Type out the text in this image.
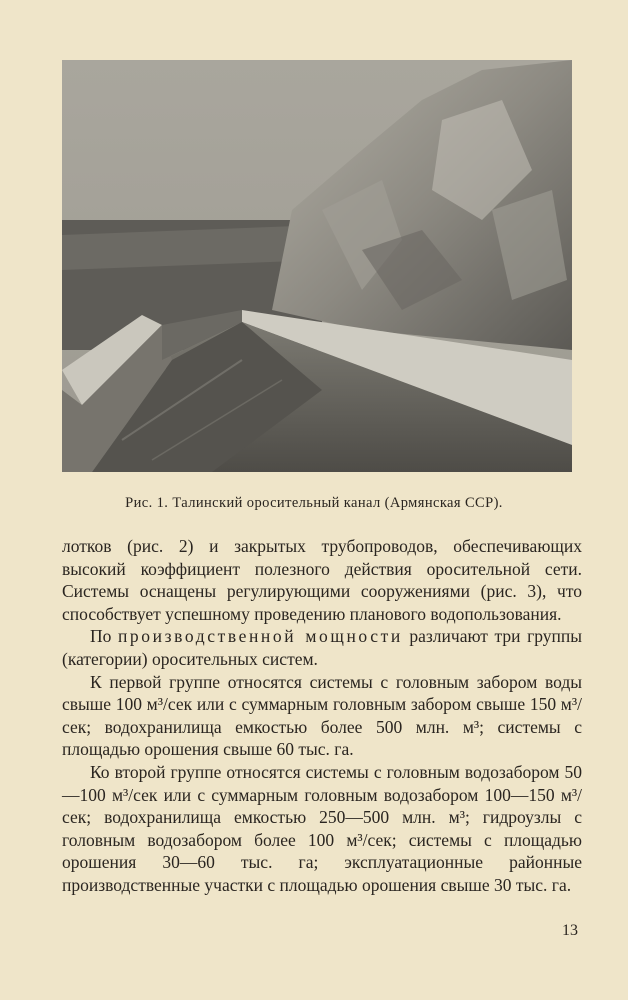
Рис. 1. Талинский оросительный канал (Армянская ССР).

лотков (рис. 2) и закрытых трубопроводов, обеспечивающих высокий коэффициент полезного действия оросительной сети. Системы оснащены регулирующими сооружениями (рис. 3), что способствует успешному проведению планового водопользования.

По производственной мощности различают три группы (категории) оросительных систем.

К первой группе относятся системы с головным забором воды свыше 100 м³/сек или с суммарным головным забором свыше 150 м³/сек; водохранилища емкостью более 500 млн. м³; системы с площадью орошения свыше 60 тыс. га.

Ко второй группе относятся системы с головным водозабором 50—100 м³/сек или с суммарным головным водозабором 100—150 м³/сек; водохранилища емкостью 250—500 млн. м³; гидроузлы с головным водозабором более 100 м³/сек; системы с площадью орошения 30—60 тыс. га; эксплуатационные районные производственные участки с площадью орошения свыше 30 тыс. га.

13
